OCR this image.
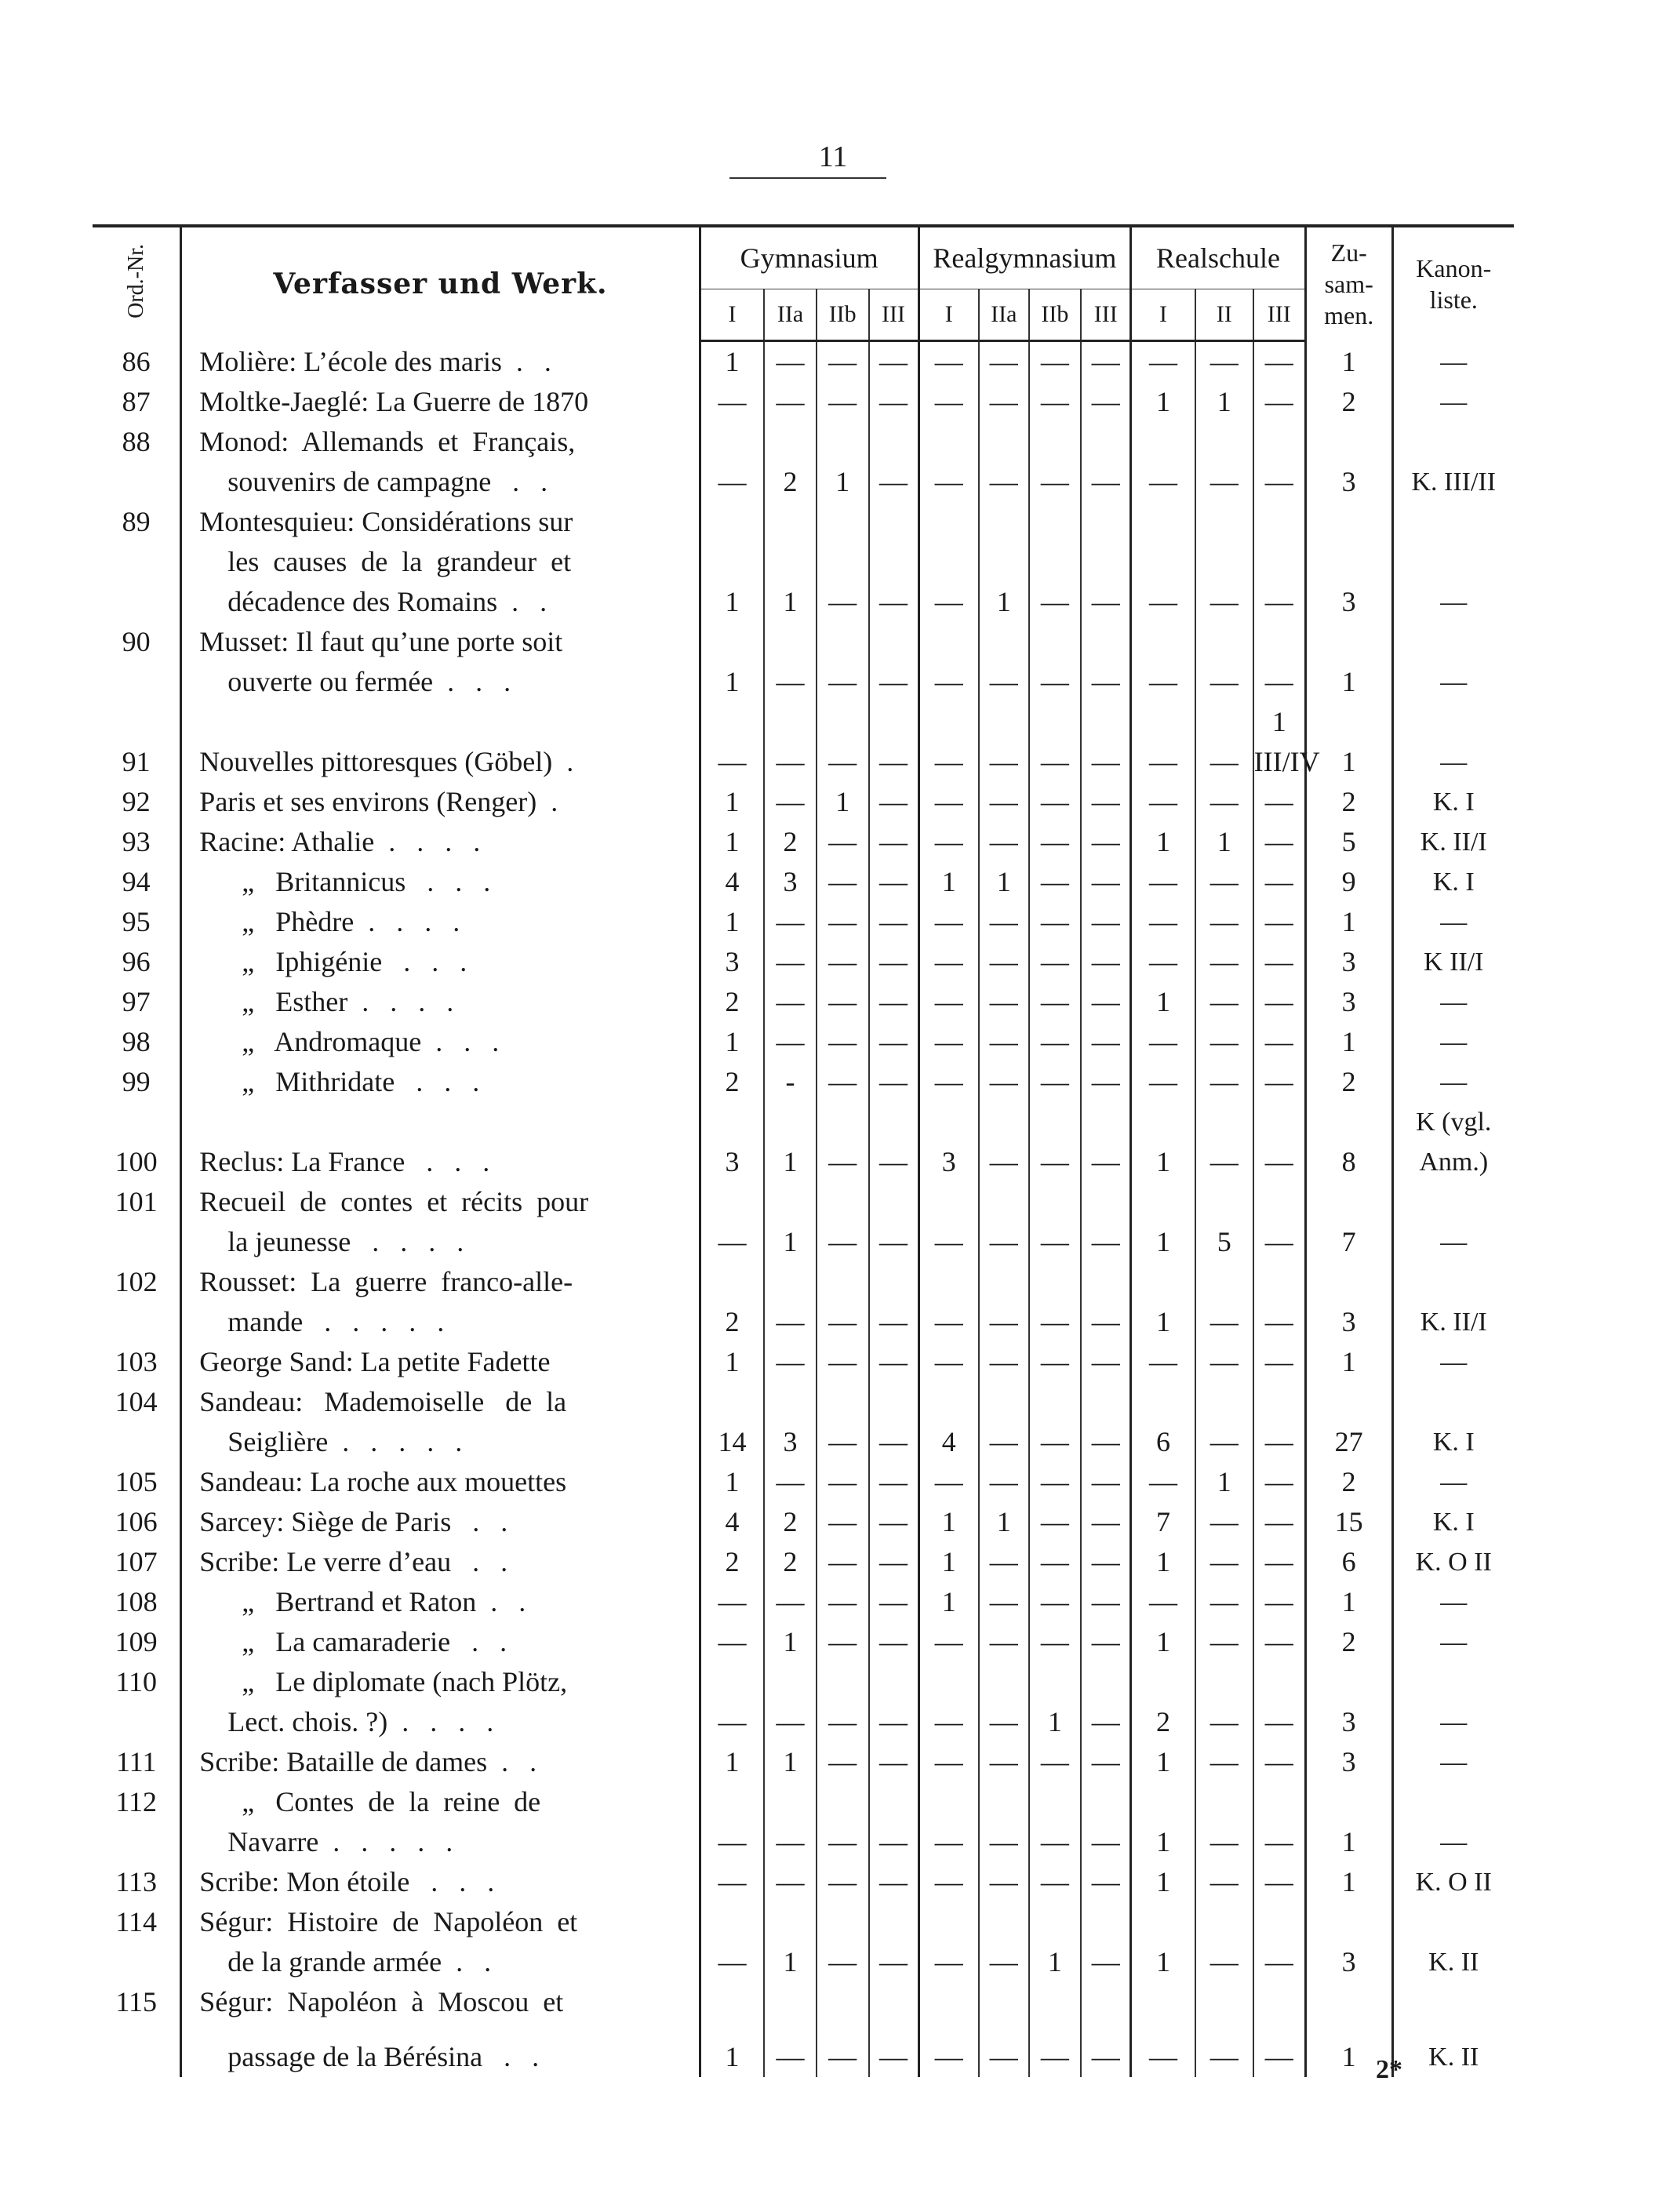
11
Ord.-Nr.	Verfasser und Werk.	Gymnasium				Realgymnasium				Realschule			Zu-
sam-
men.	Kanon-
liste.
		I	IIa	IIb	III	I	IIa	IIb	III	I	II	III		
86	Molière: L’école des maris  .   .	1	—	—	—	—	—	—	—	—	—	—	1	—
87	Moltke-Jaeglé: La Guerre de 1870	—	—	—	—	—	—	—	—	1	1	—	2	—
88	Monod:  Allemands  et  Français,													
	souvenirs de campagne   .   .	—	2	1	—	—	—	—	—	—	—	—	3	K. III/II
89	Montesquieu: Considérations sur													
	les  causes  de  la  grandeur  et													
	décadence des Romains  .   .	1	1	—	—	—	1	—	—	—	—	—	3	—
90	Musset: Il faut qu’une porte soit													
	ouverte ou fermée  .   .   .	1	—	—	—	—	—	—	—	—	—	—	1	—
91	Nouvelles pittoresques (Göbel)  .	—	—	—	—	—	—	—	—	—	—	1 III/IV	1	—
92	Paris et ses environs (Renger)  .	1	—	1	—	—	—	—	—	—	—	—	2	K. I
93	Racine: Athalie  .   .   .   .	1	2	—	—	—	—	—	—	1	1	—	5	K. II/I
94	„   Britannicus   .   .   .	4	3	—	—	1	1	—	—	—	—	—	9	K. I
95	„   Phèdre  .   .   .   .	1	—	—	—	—	—	—	—	—	—	—	1	—
96	„   Iphigénie   .   .   .	3	—	—	—	—	—	—	—	—	—	—	3	K II/I
97	„   Esther  .   .   .   .	2	—	—	—	—	—	—	—	1	—	—	3	—
98	„   Andromaque  .   .   .	1	—	—	—	—	—	—	—	—	—	—	1	—
99	„   Mithridate   .   .   .	2	-	—	—	—	—	—	—	—	—	—	2	—
100	Reclus: La France   .   .   .	3	1	—	—	3	—	—	—	1	—	—	8	K (vgl. Anm.)
101	Recueil  de  contes  et  récits  pour													
	la jeunesse   .   .   .   .	—	1	—	—	—	—	—	—	1	5	—	7	—
102	Rousset:  La  guerre  franco-alle-													
	mande   .   .   .   .   .	2	—	—	—	—	—	—	—	1	—	—	3	K. II/I
103	George Sand: La petite Fadette	1	—	—	—	—	—	—	—	—	—	—	1	—
104	Sandeau:   Mademoiselle   de  la													
	Seiglière  .   .   .   .   .	14	3	—	—	4	—	—	—	6	—	—	27	K. I
105	Sandeau: La roche aux mouettes	1	—	—	—	—	—	—	—	—	1	—	2	—
106	Sarcey: Siège de Paris   .   .	4	2	—	—	1	1	—	—	7	—	—	15	K. I
107	Scribe: Le verre d’eau   .   .	2	2	—	—	1	—	—	—	1	—	—	6	K. O II
108	„   Bertrand et Raton  .   .	—	—	—	—	1	—	—	—	—	—	—	1	—
109	„   La camaraderie   .   .	—	1	—	—	—	—	—	—	1	—	—	2	—
110	„   Le diplomate (nach Plötz,													
	Lect. chois. ?)  .   .   .   .	—	—	—	—	—	—	1	—	2	—	—	3	—
111	Scribe: Bataille de dames  .   .	1	1	—	—	—	—	—	—	1	—	—	3	—
112	„   Contes  de  la  reine  de													
	Navarre  .   .   .   .   .	—	—	—	—	—	—	—	—	1	—	—	1	—
113	Scribe: Mon étoile   .   .   .	—	—	—	—	—	—	—	—	1	—	—	1	K. O II
114	Ségur:  Histoire  de  Napoléon  et													
	de la grande armée  .   .	—	1	—	—	—	—	1	—	1	—	—	3	K. II
115	Ségur:  Napoléon  à  Moscou  et													
	passage de la Bérésina   .   .	1	—	—	—	—	—	—	—	—	—	—	1	K. II
2*
